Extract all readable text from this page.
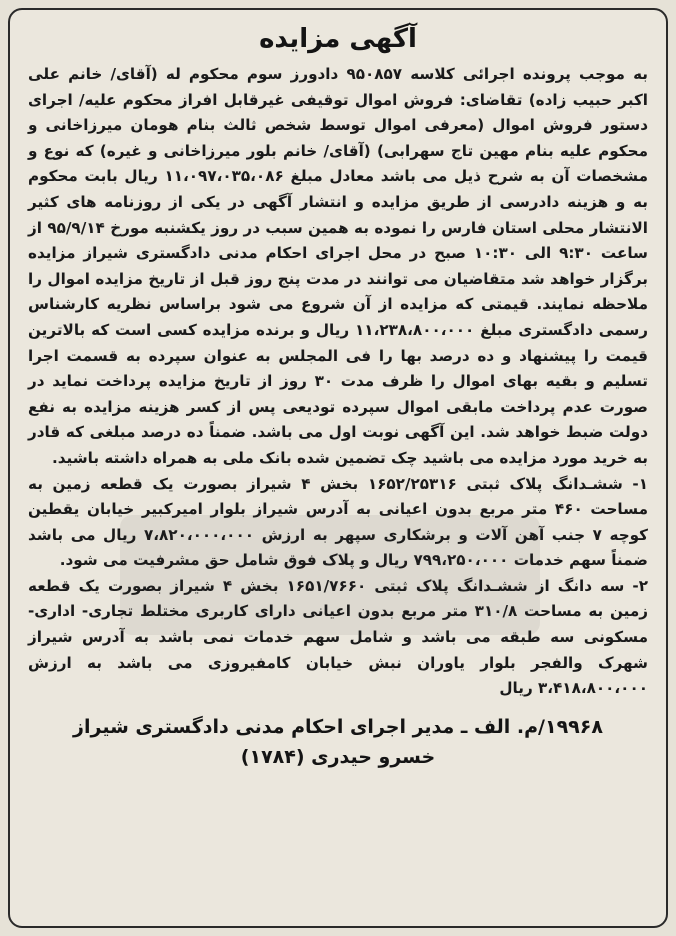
آگهی مزایده

به موجب پرونده اجرائی کلاسه ۹۵۰۸۵۷ دادورز سوم محکوم له (آقای/ خانم علی اکبر حبیب زاده) تقاضای: فروش اموال توقیفی غیرقابل افراز محکوم علیه/ اجرای دستور فروش اموال (معرفی اموال توسط شخص ثالث بنام هومان میرزاخانی و محکوم علیه بنام مهین تاج سهرابی) (آقای/ خانم بلور میرزاخانی و غیره) که نوع و مشخصات آن به شرح ذیل می باشد معادل مبلغ ۱۱،۰۹۷،۰۳۵،۰۸۶ ریال بابت محکوم به و هزینه دادرسی از طریق مزایده و انتشار آگهی در یکی از روزنامه های کثیر الانتشار محلی استان فارس را نموده به همین سبب در روز یکشنبه مورخ ۹۵/۹/۱۴ از ساعت ۹:۳۰ الی ۱۰:۳۰ صبح در محل اجرای احکام مدنی دادگستری شیراز مزایده برگزار خواهد شد متقاضیان می توانند در مدت پنج روز قبل از تاریخ مزایده اموال را ملاحظه نمایند. قیمتی که مزایده از آن شروع می شود براساس نظریه کارشناس رسمی دادگستری مبلغ ۱۱،۲۳۸،۸۰۰،۰۰۰ ریال و برنده مزایده کسی است که بالاترین قیمت را پیشنهاد و ده درصد بها را فی المجلس به عنوان سپرده به قسمت اجرا تسلیم و بقیه بهای اموال را ظرف مدت ۳۰ روز از تاریخ مزایده پرداخت نماید در صورت عدم پرداخت مابقی اموال سپرده تودیعی پس از کسر هزینه مزایده به نفع دولت ضبط خواهد شد. این آگهی نوبت اول می باشد. ضمناً ده درصد مبلغی که قادر به خرید مورد مزایده می باشید چک تضمین شده بانک ملی به همراه داشته باشید.

۱- ششـدانگ پلاک ثبتی ۱۶۵۲/۲۵۳۱۶ بخش ۴ شیراز بصورت یک قطعه زمین به مساحت ۴۶۰ متر مربع بدون اعیانی به آدرس شیراز بلوار امیرکبیر خیابان یقطین کوچه ۷ جنب آهن آلات و برشکاری سپهر به ارزش ۷،۸۲۰،۰۰۰،۰۰۰ ریال می باشد ضمناً سهم خدمات ۷۹۹،۲۵۰،۰۰۰ ریال و پلاک فوق شامل حق مشرفیت می شود.

۲- سه دانگ از ششـدانگ پلاک ثبتی ۱۶۵۱/۷۶۶۰ بخش ۴ شیراز بصورت یک قطعه زمین به مساحت ۳۱۰/۸ متر مربع بدون اعیانی دارای کاربری مختلط تجاری- اداری- مسکونی سه طبقه می باشد و شامل سهم خدمات نمی باشد به آدرس شیراز شهرک والفجر بلوار یاوران نبش خیابان کامفیروزی می باشد به ارزش ۳،۴۱۸،۸۰۰،۰۰۰ ریال

۱۹۹۶۸/م. الف ـ مدیر اجرای احکام مدنی دادگستری شیراز
خسرو حیدری (۱۷۸۴)
